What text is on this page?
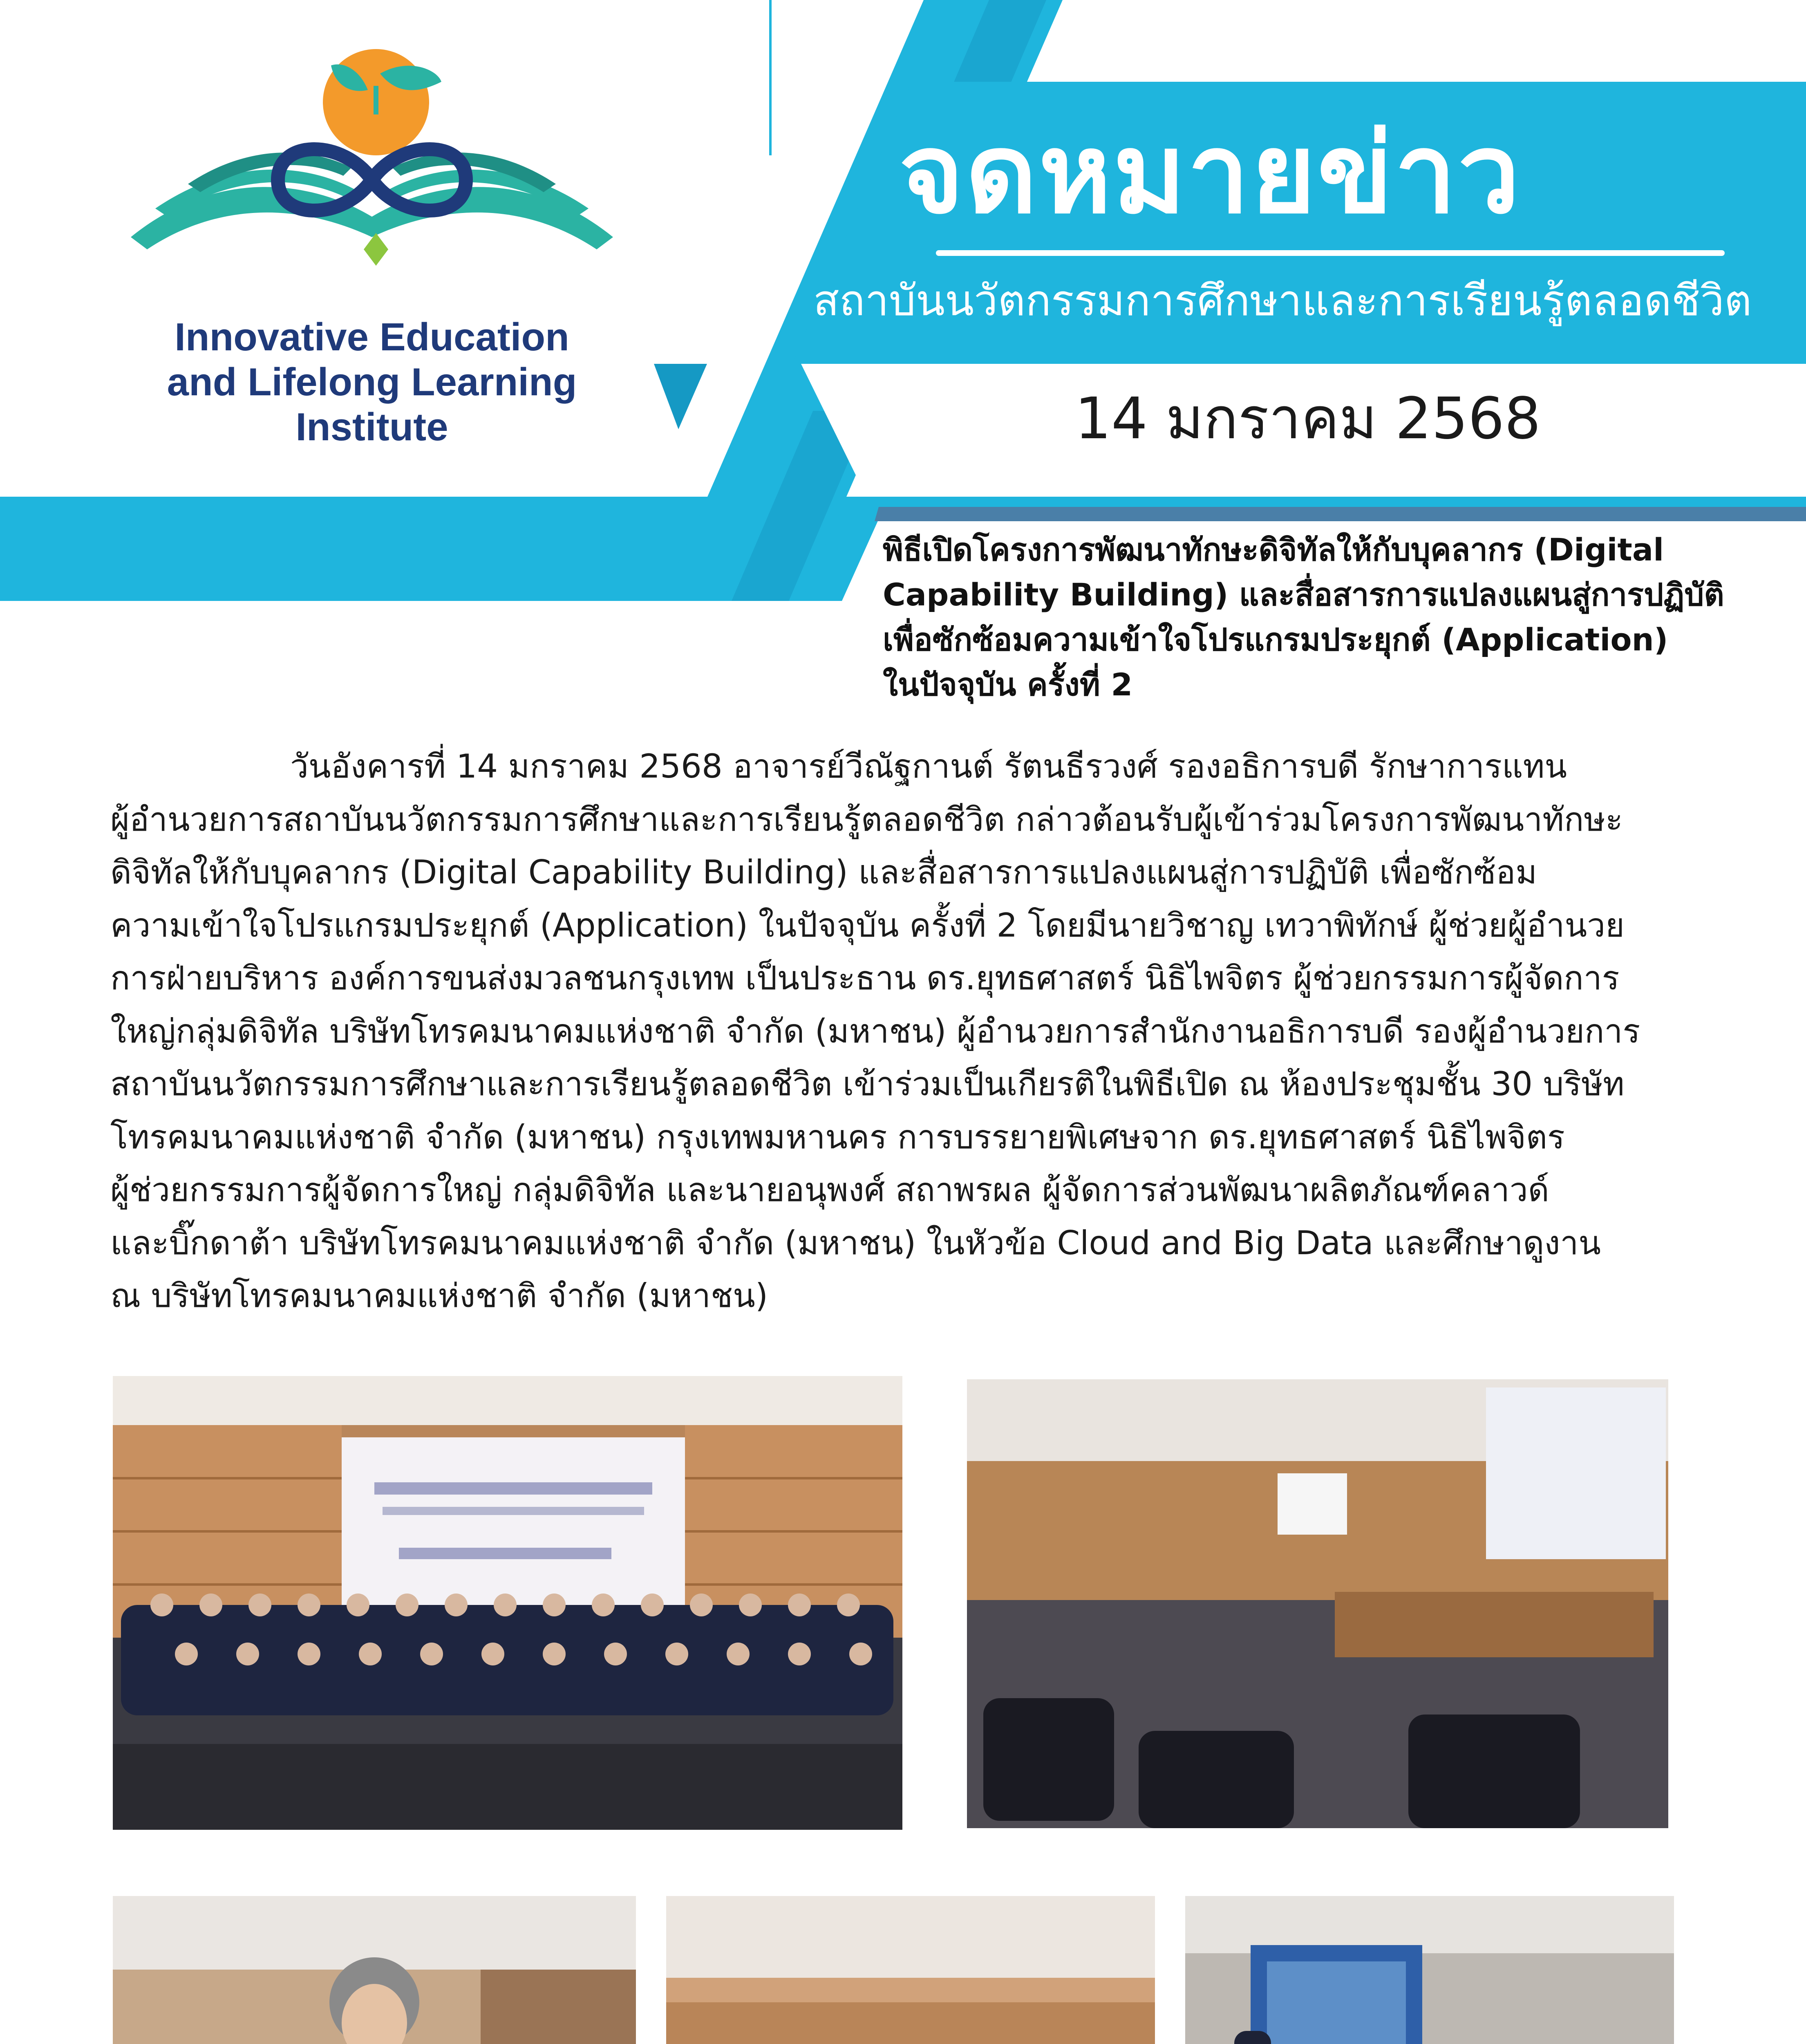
Innovative Education
and Lifelong Learning
Institute
จดหมายข่าว
สถาบันนวัตกรรมการศึกษาและการเรียนรู้ตลอดชีวิต
14 มกราคม 2568
พิธีเปิดโครงการพัฒนาทักษะดิจิทัลให้กับบุคลากร (Digital
Capability Building) และสื่อสารการแปลงแผนสู่การปฏิบัติ
เพื่อซักซ้อมความเข้าใจโปรแกรมประยุกต์ (Application)
ในปัจจุบัน ครั้งที่ 2
วันอังคารที่ 14 มกราคม 2568 อาจารย์วีณัฐกานต์ รัตนธีรวงศ์ รองอธิการบดี รักษาการแทน
ผู้อำนวยการสถาบันนวัตกรรมการศึกษาและการเรียนรู้ตลอดชีวิต กล่าวต้อนรับผู้เข้าร่วมโครงการพัฒนาทักษะ
ดิจิทัลให้กับบุคลากร (Digital Capability Building) และสื่อสารการแปลงแผนสู่การปฏิบัติ เพื่อซักซ้อม
ความเข้าใจโปรแกรมประยุกต์ (Application) ในปัจจุบัน ครั้งที่ 2 โดยมีนายวิชาญ เทวาพิทักษ์ ผู้ช่วยผู้อำนวย
การฝ่ายบริหาร องค์การขนส่งมวลชนกรุงเทพ เป็นประธาน ดร.ยุทธศาสตร์ นิธิไพจิตร ผู้ช่วยกรรมการผู้จัดการ
ใหญ่กลุ่มดิจิทัล บริษัทโทรคมนาคมแห่งชาติ จำกัด (มหาชน) ผู้อำนวยการสำนักงานอธิการบดี รองผู้อำนวยการ
สถาบันนวัตกรรมการศึกษาและการเรียนรู้ตลอดชีวิต เข้าร่วมเป็นเกียรติในพิธีเปิด ณ ห้องประชุมชั้น 30 บริษัท
โทรคมนาคมแห่งชาติ จำกัด (มหาชน) กรุงเทพมหานคร การบรรยายพิเศษจาก ดร.ยุทธศาสตร์ นิธิไพจิตร
ผู้ช่วยกรรมการผู้จัดการใหญ่ กลุ่มดิจิทัล และนายอนุพงศ์ สถาพรผล ผู้จัดการส่วนพัฒนาผลิตภัณฑ์คลาวด์
และบิ๊กดาต้า บริษัทโทรคมนาคมแห่งชาติ จำกัด (มหาชน) ในหัวข้อ Cloud and Big Data และศึกษาดูงาน
ณ บริษัทโทรคมนาคมแห่งชาติ จำกัด (มหาชน)
